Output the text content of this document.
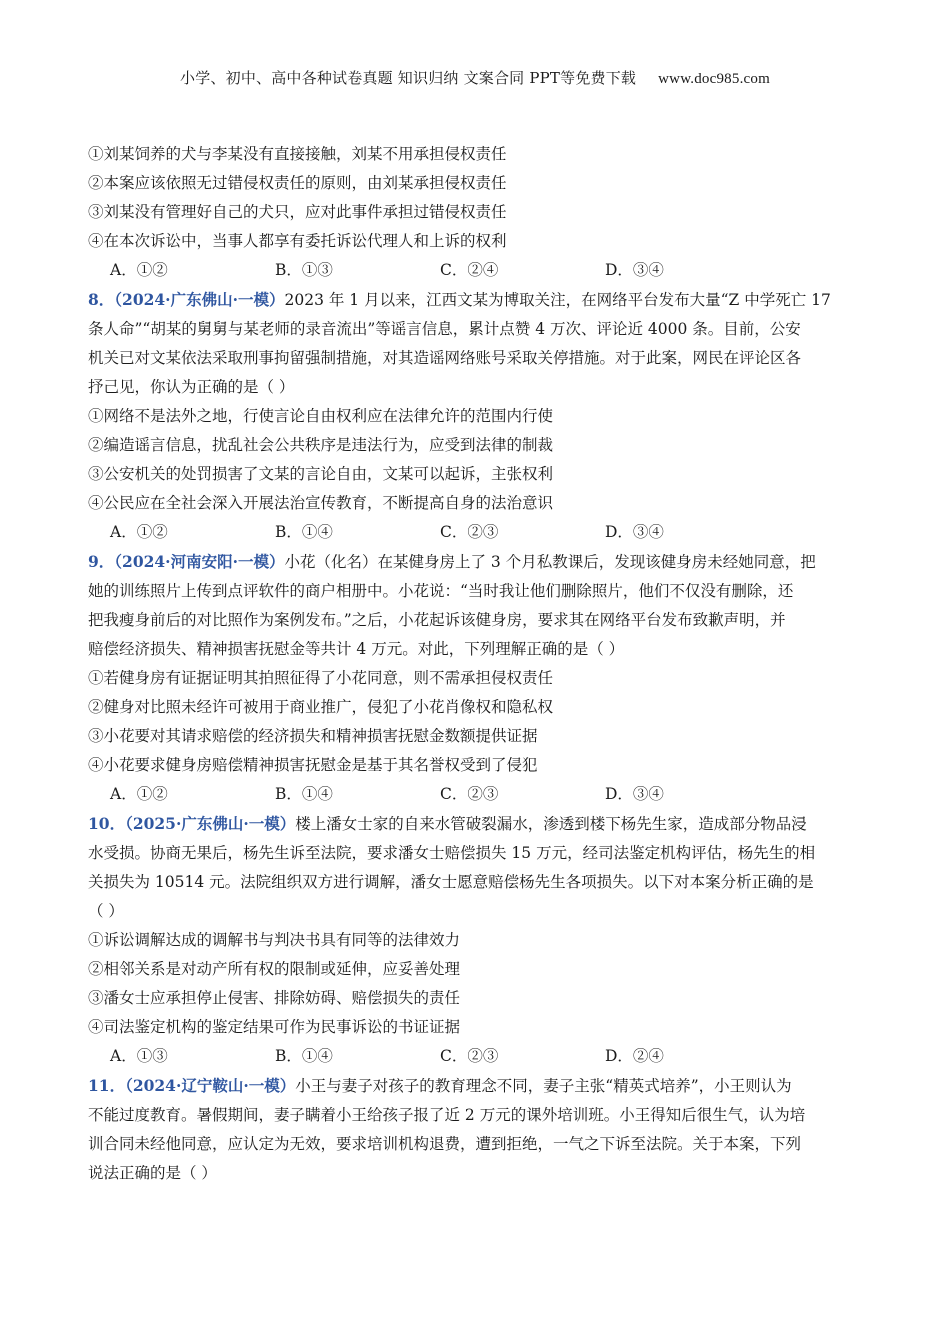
小学、初中、高中各种试卷真题 知识归纳 文案合同 PPT等免费下载 www.doc985.com
①刘某饲养的犬与李某没有直接接触，刘某不用承担侵权责任
②本案应该依照无过错侵权责任的原则，由刘某承担侵权责任
③刘某没有管理好自己的犬只，应对此事件承担过错侵权责任
④在本次诉讼中，当事人都享有委托诉讼代理人和上诉的权利
A．①②	B．①③	C．②④	D．③④
8．（2024·广东佛山·一模）2023 年 1 月以来，江西文某为博取关注，在网络平台发布大量“Z 中学死亡 17
条人命”“胡某的舅舅与某老师的录音流出”等谣言信息，累计点赞 4 万次、评论近 4000 条。目前，公安
机关已对文某依法采取刑事拘留强制措施，对其造谣网络账号采取关停措施。对于此案，网民在评论区各
抒己见，你认为正确的是（ ）
①网络不是法外之地，行使言论自由权利应在法律允许的范围内行使
②编造谣言信息，扰乱社会公共秩序是违法行为，应受到法律的制裁
③公安机关的处罚损害了文某的言论自由，文某可以起诉，主张权利
④公民应在全社会深入开展法治宣传教育，不断提高自身的法治意识
A．①②	B．①④	C．②③	D．③④
9．（2024·河南安阳·一模）小花（化名）在某健身房上了 3 个月私教课后，发现该健身房未经她同意，把
她的训练照片上传到点评软件的商户相册中。小花说：“当时我让他们删除照片，他们不仅没有删除，还
把我瘦身前后的对比照作为案例发布。”之后，小花起诉该健身房，要求其在网络平台发布致歉声明，并
赔偿经济损失、精神损害抚慰金等共计 4 万元。对此，下列理解正确的是（ ）
①若健身房有证据证明其拍照征得了小花同意，则不需承担侵权责任
②健身对比照未经许可被用于商业推广，侵犯了小花肖像权和隐私权
③小花要对其请求赔偿的经济损失和精神损害抚慰金数额提供证据
④小花要求健身房赔偿精神损害抚慰金是基于其名誉权受到了侵犯
A．①②	B．①④	C．②③	D．③④
10．（2025·广东佛山·一模）楼上潘女士家的自来水管破裂漏水，渗透到楼下杨先生家，造成部分物品浸
水受损。协商无果后，杨先生诉至法院，要求潘女士赔偿损失 15 万元，经司法鉴定机构评估，杨先生的相
关损失为 10514 元。法院组织双方进行调解，潘女士愿意赔偿杨先生各项损失。以下对本案分析正确的是
（ ）
①诉讼调解达成的调解书与判决书具有同等的法律效力
②相邻关系是对动产所有权的限制或延伸，应妥善处理
③潘女士应承担停止侵害、排除妨碍、赔偿损失的责任
④司法鉴定机构的鉴定结果可作为民事诉讼的书证证据
A．①③	B．①④	C．②③	D．②④
11．（2024·辽宁鞍山·一模）小王与妻子对孩子的教育理念不同，妻子主张“精英式培养”，小王则认为
不能过度教育。暑假期间，妻子瞒着小王给孩子报了近 2 万元的课外培训班。小王得知后很生气，认为培
训合同未经他同意，应认定为无效，要求培训机构退费，遭到拒绝，一气之下诉至法院。关于本案，下列
说法正确的是（ ）
